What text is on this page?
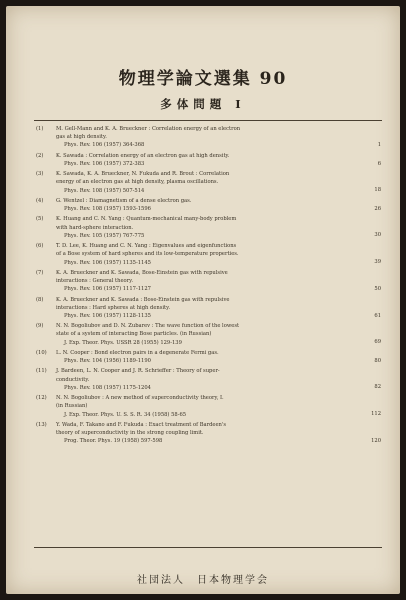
物理学論文選集 90
多体問題 I
(1) M. Gell-Mann and K. A. Brueckner : Correlation energy of an electron
gas at high density.
Phys. Rev. 106 (1957) 364-368	1
(2) K. Sawada : Correlation energy of an electron gas at high density.
Phys. Rev. 106 (1957) 372-383	6
(3) K. Sawada, K. A. Brueckner, N. Fukuda and R. Brout : Correlation
energy of an electron gas at high density, plasma oscillations.
Phys. Rev. 108 (1957) 507-514	18
(4) G. Wentzel : Diamagnetism of a dense electron gas.
Phys. Rev. 108 (1957) 1593-1596	26
(5) K. Huang and C. N. Yang : Quantum-mechanical many-body problem
with hard-sphere interaction.
Phys. Rev. 105 (1957) 767-775	30
(6) T. D. Lee, K. Huang and C. N. Yang : Eigenvalues and eigenfunctions
of a Bose system of hard spheres and its low-temperature properties.
Phys. Rev. 106 (1957) 1135-1145	39
(7) K. A. Brueckner and K. Sawada, Bose-Einstein gas with repulsive
interactions : General theory.
Phys. Rev. 106 (1957) 1117-1127	50
(8) K. A. Brueckner and K. Sawada : Bose-Einstein gas with repulsive
interactions : Hard spheres at high density.
Phys. Rev. 106 (1957) 1128-1135	61
(9) N. N. Bogoliubov and D. N. Zubarev : The wave function of the lowest
state of a system of interacting Bose particles. (in Russian)
J. Exp. Theor. Phys. USSR 28 (1955) 129-139	69
(10) L. N. Cooper : Bond electron pairs in a degenerate Fermi gas.
Phys. Rev. 104 (1956) 1189-1190	80
(11) J. Bardeen, L. N. Cooper and J. R. Schrieffer : Theory of super-
conductivity.
Phys. Rev. 108 (1957) 1175-1204	82
(12) N. N. Bogoliubov : A new method of superconductivity theory, I.
(in Russian)
J. Exp. Theor. Phys. U. S. S. R. 34 (1958) 58-65	112
(13) Y. Wada, F. Takano and F. Fukuda : Exact treatment of Bardeen's
theory of superconductivity in the strong coupling limit.
Prog. Theor. Phys. 19 (1958) 597-598	120
社団法人　日本物理学会
